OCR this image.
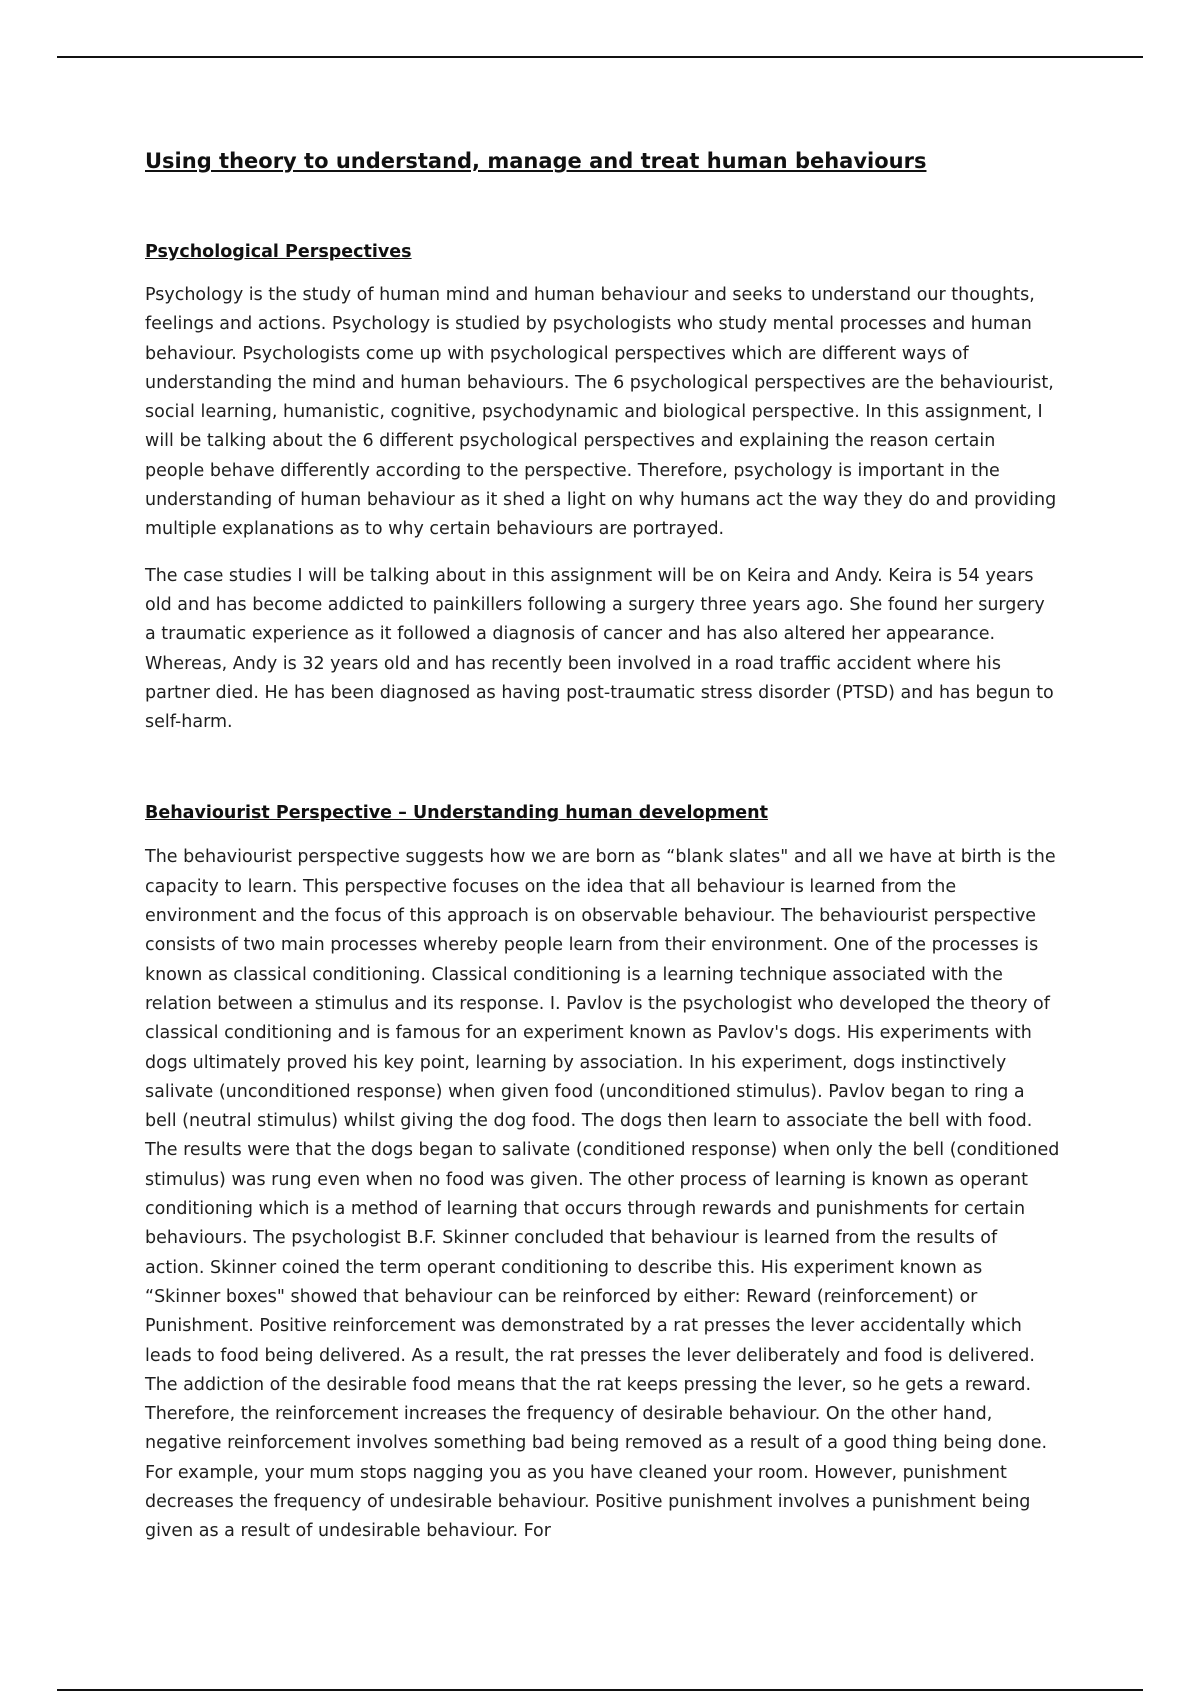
Using theory to understand, manage and treat human behaviours
Psychological Perspectives

Psychology is the study of human mind and human behaviour and seeks to understand our thoughts, feelings and actions. Psychology is studied by psychologists who study mental processes and human behaviour. Psychologists come up with psychological perspectives which are different ways of understanding the mind and human behaviours. The 6 psychological perspectives are the behaviourist, social learning, humanistic, cognitive, psychodynamic and biological perspective. In this assignment, I will be talking about the 6 different psychological perspectives and explaining the reason certain people behave differently according to the perspective. Therefore, psychology is important in the understanding of human behaviour as it shed a light on why humans act the way they do and providing multiple explanations as to why certain behaviours are portrayed.

The case studies I will be talking about in this assignment will be on Keira and Andy. Keira is 54 years old and has become addicted to painkillers following a surgery three years ago. She found her surgery a traumatic experience as it followed a diagnosis of cancer and has also altered her appearance. Whereas, Andy is 32 years old and has recently been involved in a road traffic accident where his partner died. He has been diagnosed as having post-traumatic stress disorder (PTSD) and has begun to self-harm.

Behaviourist Perspective – Understanding human development

The behaviourist perspective suggests how we are born as “blank slates" and all we have at birth is the capacity to learn. This perspective focuses on the idea that all behaviour is learned from the environment and the focus of this approach is on observable behaviour. The behaviourist perspective consists of two main processes whereby people learn from their environment. One of the processes is known as classical conditioning. Classical conditioning is a learning technique associated with the relation between a stimulus and its response. I. Pavlov is the psychologist who developed the theory of classical conditioning and is famous for an experiment known as Pavlov's dogs. His experiments with dogs ultimately proved his key point, learning by association. In his experiment, dogs instinctively salivate (unconditioned response) when given food (unconditioned stimulus). Pavlov began to ring a bell (neutral stimulus) whilst giving the dog food. The dogs then learn to associate the bell with food. The results were that the dogs began to salivate (conditioned response) when only the bell (conditioned stimulus) was rung even when no food was given. The other process of learning is known as operant conditioning which is a method of learning that occurs through rewards and punishments for certain behaviours. The psychologist B.F. Skinner concluded that behaviour is learned from the results of action. Skinner coined the term operant conditioning to describe this. His experiment known as “Skinner boxes" showed that behaviour can be reinforced by either: Reward (reinforcement) or Punishment. Positive reinforcement was demonstrated by a rat presses the lever accidentally which leads to food being delivered. As a result, the rat presses the lever deliberately and food is delivered. The addiction of the desirable food means that the rat keeps pressing the lever, so he gets a reward. Therefore, the reinforcement increases the frequency of desirable behaviour. On the other hand, negative reinforcement involves something bad being removed as a result of a good thing being done. For example, your mum stops nagging you as you have cleaned your room. However, punishment decreases the frequency of undesirable behaviour. Positive punishment involves a punishment being given as a result of undesirable behaviour. For
